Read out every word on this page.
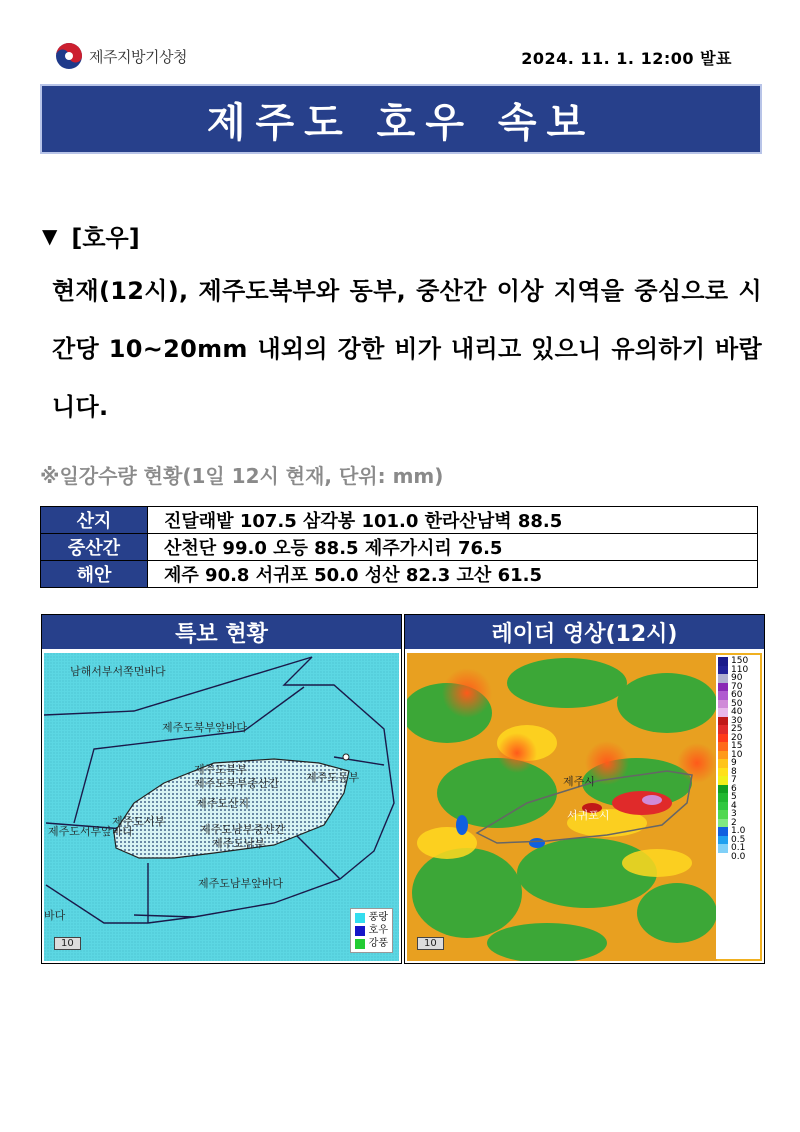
제주지방기상청	2024. 11. 1. 12:00 발표
제주도 호우 속보
▼ [호우]
현재(12시), 제주도북부와 동부, 중산간 이상 지역을 중심으로 시간당 10~20mm 내외의 강한 비가 내리고 있으니 유의하기 바랍니다.
※일강수량 현황(1일 12시 현재, 단위: mm)
산지	진달래밭 107.5 삼각봉 101.0 한라산남벽 88.5
중산간	산천단 99.0 오등 88.5 제주가시리 76.5
해안	제주 90.8 서귀포 50.0 성산 82.3 고산 61.5
특보 현황
남해서부서쪽먼바다
제주도북부앞바다
제주도북부
제주도북부중산간 제주도동부
제주도산지
제주도서부
제주도서부앞바다	제주도남부중산간
제주도남부
제주도남부앞바다
바다
10
풍랑
호우
강풍
레이더 영상(12시)
제주시
서귀포시
10
150
110
90
70
60
50
40
30
25
20
15
10
9
8
7
6
5
4
3
2
1.0
0.5
0.1
0.0
